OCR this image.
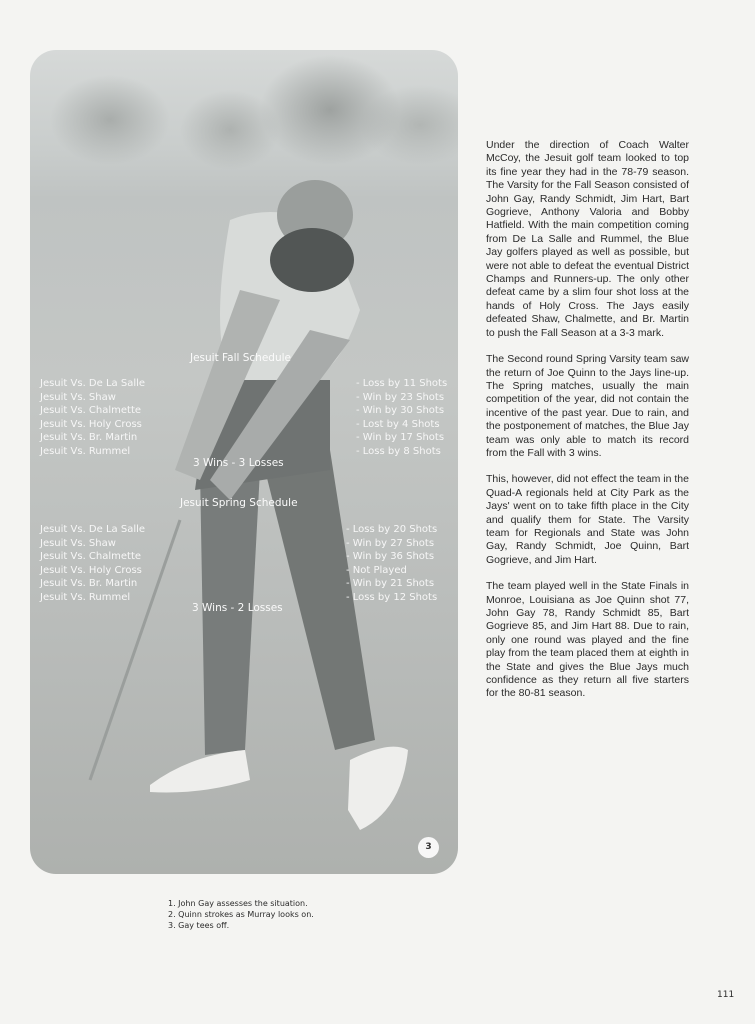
Jesuit Fall Schedule
Jesuit Vs. De La Salle
Jesuit Vs. Shaw
Jesuit Vs. Chalmette
Jesuit Vs. Holy Cross
Jesuit Vs. Br. Martin
Jesuit Vs. Rummel
- Loss by 11 Shots
- Win by 23 Shots
- Win by 30 Shots
- Lost by 4 Shots
- Win by 17 Shots
- Loss by 8 Shots
3 Wins - 3 Losses
Jesuit Spring Schedule
Jesuit Vs. De La Salle
Jesuit Vs. Shaw
Jesuit Vs. Chalmette
Jesuit Vs. Holy Cross
Jesuit Vs. Br. Martin
Jesuit Vs. Rummel
- Loss by 20 Shots
- Win by 27 Shots
- Win by 36 Shots
- Not Played
- Win by 21 Shots
- Loss by 12 Shots
3 Wins - 2 Losses
3
1. John Gay assesses the situation.
2. Quinn strokes as Murray looks on.
3. Gay tees off.

Under the direction of Coach Walter McCoy, the Jesuit golf team looked to top its fine year they had in the 78-79 season. The Varsity for the Fall Season consisted of John Gay, Randy Schmidt, Jim Hart, Bart Gogrieve, Anthony Valoria and Bobby Hatfield. With the main competition coming from De La Salle and Rummel, the Blue Jay golfers played as well as possible, but were not able to defeat the eventual District Champs and Runners-up. The only other defeat came by a slim four shot loss at the hands of Holy Cross. The Jays easily defeated Shaw, Chalmette, and Br. Martin to push the Fall Season at a 3-3 mark.

The Second round Spring Varsity team saw the return of Joe Quinn to the Jays line-up. The Spring matches, usually the main competition of the year, did not contain the incentive of the past year. Due to rain, and the postponement of matches, the Blue Jay team was only able to match its record from the Fall with 3 wins.

This, however, did not effect the team in the Quad-A regionals held at City Park as the Jays' went on to take fifth place in the City and qualify them for State. The Varsity team for Regionals and State was John Gay, Randy Schmidt, Joe Quinn, Bart Gogrieve, and Jim Hart.

The team played well in the State Finals in Monroe, Louisiana as Joe Quinn shot 77, John Gay 78, Randy Schmidt 85, Bart Gogrieve 85, and Jim Hart 88. Due to rain, only one round was played and the fine play from the team placed them at eighth in the State and gives the Blue Jays much confidence as they return all five starters for the 80-81 season.

111
